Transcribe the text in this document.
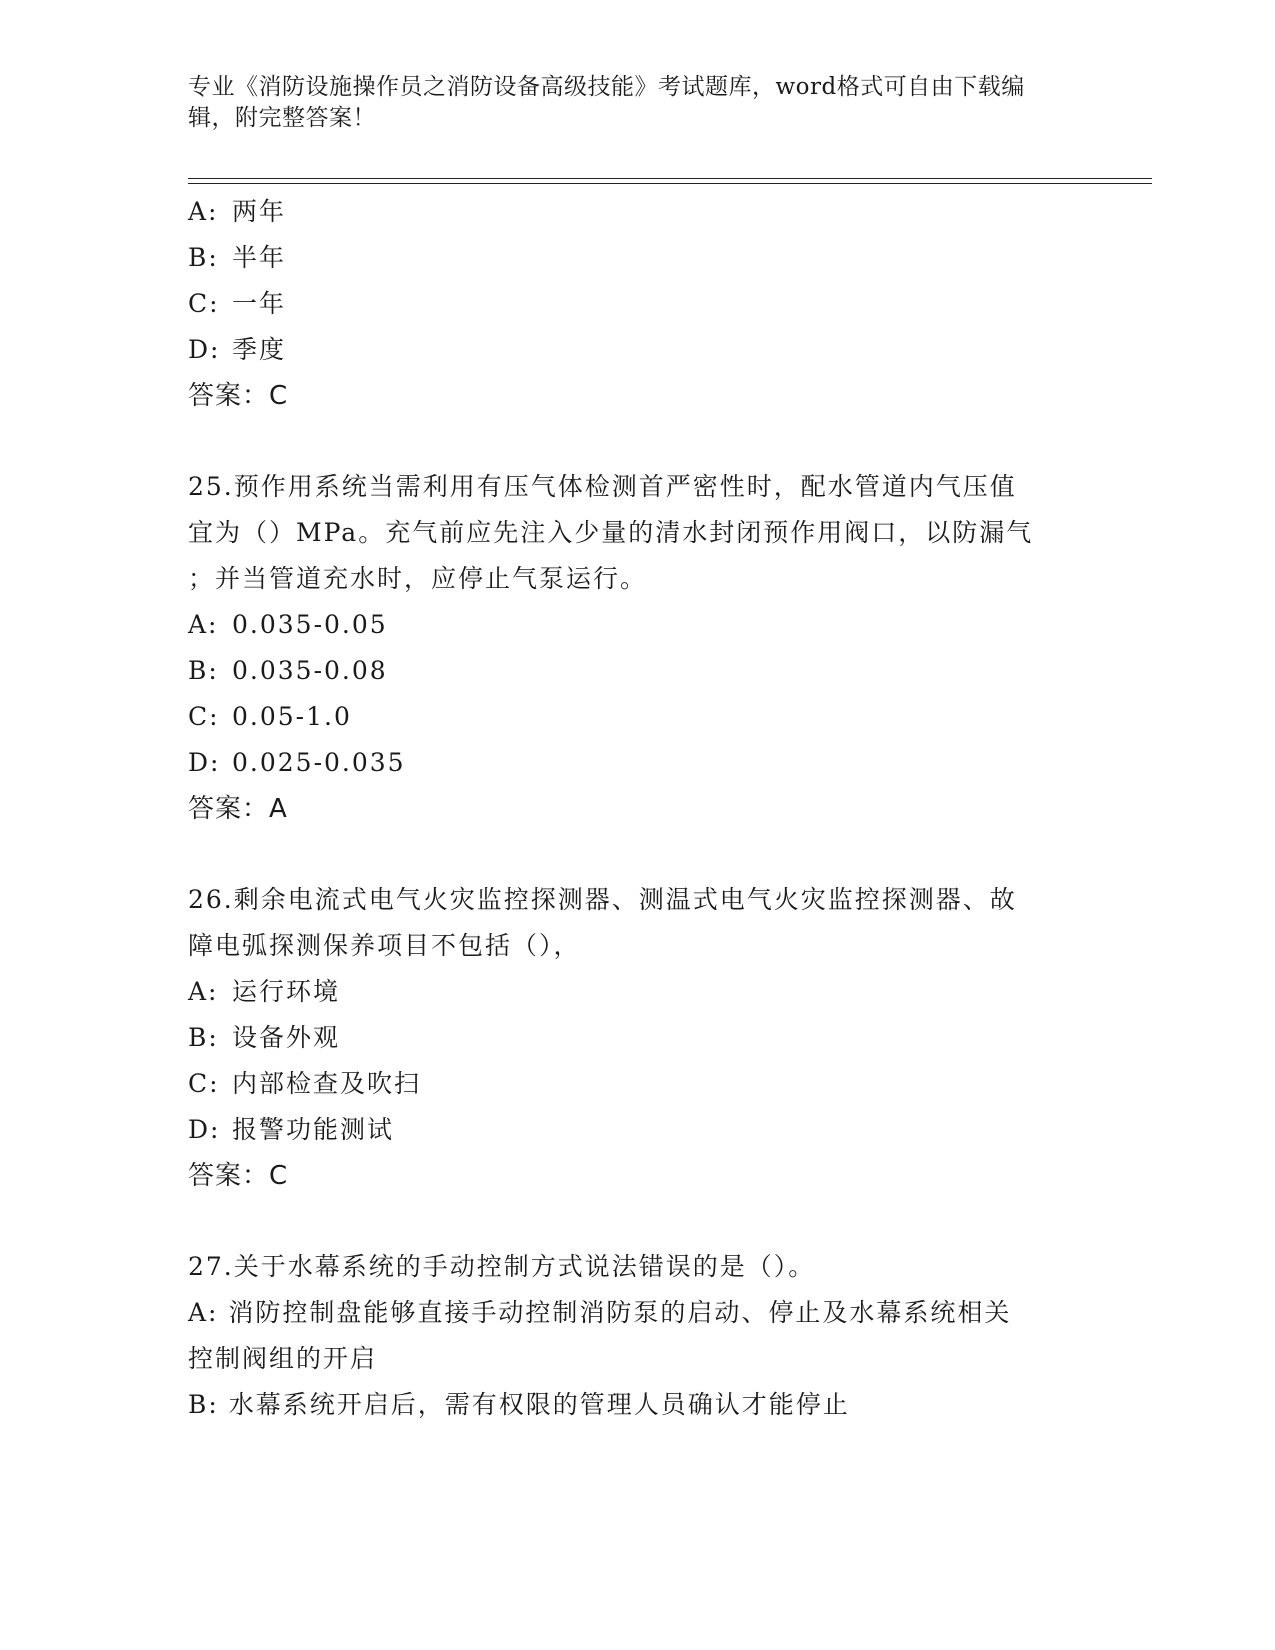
专业《消防设施操作员之消防设备高级技能》考试题库，word格式可自由下载编
辑，附完整答案！
A: 两年
B: 半年
C: 一年
D: 季度
答案：C
25.预作用系统当需利用有压气体检测首严密性时，配水管道内气压值
宜为（）MPa。充气前应先注入少量的清水封闭预作用阀口，以防漏气
；并当管道充水时，应停止气泵运行。
A: 0.035-0.05
B: 0.035-0.08
C: 0.05-1.0
D: 0.025-0.035
答案：A
26.剩余电流式电气火灾监控探测器、测温式电气火灾监控探测器、故
障电弧探测保养项目不包括（），
A: 运行环境
B: 设备外观
C: 内部检查及吹扫
D: 报警功能测试
答案：C
27.关于水幕系统的手动控制方式说法错误的是（）。
A: 消防控制盘能够直接手动控制消防泵的启动、停止及水幕系统相关
控制阀组的开启
B: 水幕系统开启后，需有权限的管理人员确认才能停止
